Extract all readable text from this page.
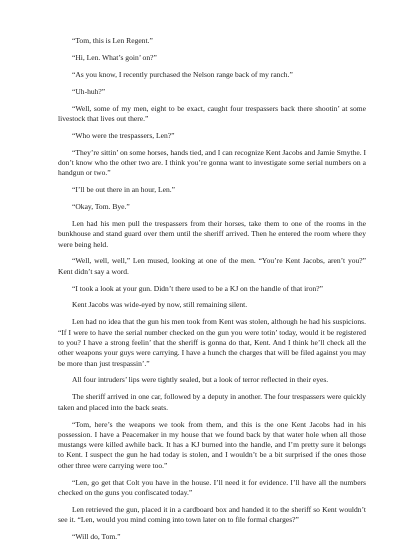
“Tom, this is Len Regent.”

“Hi, Len. What’s goin’ on?”

“As you know, I recently purchased the Nelson range back of my ranch.”

“Uh-huh?”

“Well, some of my men, eight to be exact, caught four trespassers back there shootin’ at some livestock that lives out there.”

“Who were the trespassers, Len?”

“They’re sittin’ on some horses, hands tied, and I can recognize Kent Jacobs and Jamie Smythe. I don’t know who the other two are. I think you’re gonna want to investigate some serial numbers on a handgun or two.”

“I’ll be out there in an hour, Len.”

“Okay, Tom. Bye.”

Len had his men pull the trespassers from their horses, take them to one of the rooms in the bunkhouse and stand guard over them until the sheriff arrived. Then he entered the room where they were being held.

“Well, well, well,” Len mused, looking at one of the men. “You’re Kent Jacobs, aren’t you?” Kent didn’t say a word.

“I took a look at your gun. Didn’t there used to be a KJ on the handle of that iron?”

Kent Jacobs was wide-eyed by now, still remaining silent.

Len had no idea that the gun his men took from Kent was stolen, although he had his suspicions. “If I were to have the serial number checked on the gun you were totin’ today, would it be registered to you? I have a strong feelin’ that the sheriff is gonna do that, Kent. And I think he’ll check all the other weapons your guys were carrying. I have a hunch the charges that will be filed against you may be more than just trespassin’.”

All four intruders’ lips were tightly sealed, but a look of terror reflected in their eyes.

The sheriff arrived in one car, followed by a deputy in another. The four trespassers were quickly taken and placed into the back seats.

“Tom, here’s the weapons we took from them, and this is the one Kent Jacobs had in his possession. I have a Peacemaker in my house that we found back by that water hole when all those mustangs were killed awhile back. It has a KJ burned into the handle, and I’m pretty sure it belongs to Kent. I suspect the gun he had today is stolen, and I wouldn’t be a bit surprised if the ones those other three were carrying were too.”

“Len, go get that Colt you have in the house. I’ll need it for evidence. I’ll have all the numbers checked on the guns you confiscated today.”

Len retrieved the gun, placed it in a cardboard box and handed it to the sheriff so Kent wouldn’t see it. “Len, would you mind coming into town later on to file formal charges?”

“Will do, Tom.”
